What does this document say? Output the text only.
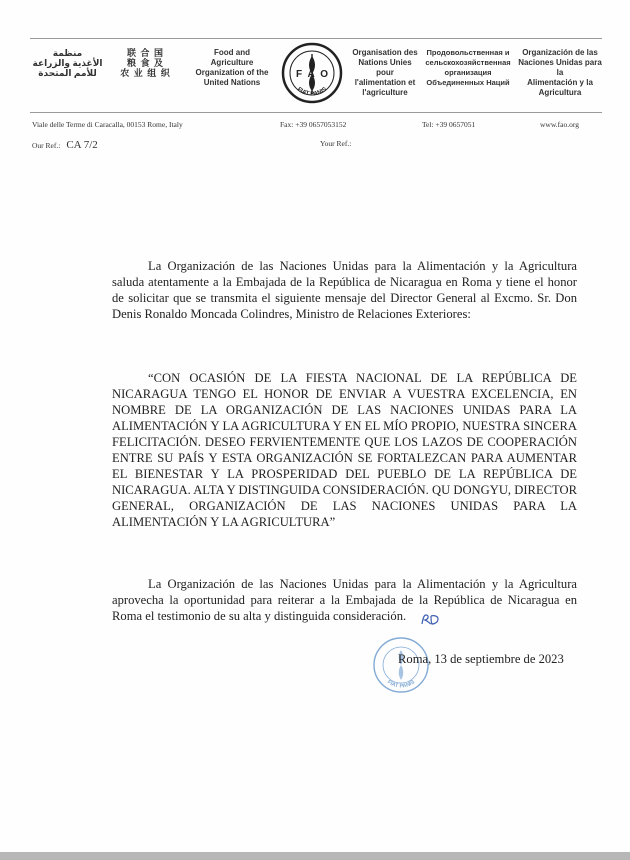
منظمة
الأغذية والزراعة
للأمم المتحدة
联 合 国
粮 食 及
农 业 组 织
Food and Agriculture
Organization of the
United Nations
F A O
FIAT PANIS
Organisation des
Nations Unies pour
l'alimentation et
l'agriculture
Продовольственная и
сельскохозяйственная
организация
Объединенных Наций
Organización de las
Naciones Unidas para la
Alimentación y la
Agricultura
Viale delle Terme di Caracalla, 00153 Rome, Italy	Fax: +39 0657053152	Tel: +39 0657051	www.fao.org
Our Ref.: CA 7/2	Your Ref.:
La Organización de las Naciones Unidas para la Alimentación y la Agricultura saluda atentamente a la Embajada de la República de Nicaragua en Roma y tiene el honor de solicitar que se transmita el siguiente mensaje del Director General al Excmo. Sr. Don Denis Ronaldo Moncada Colindres, Ministro de Relaciones Exteriores:
“CON OCASIÓN DE LA FIESTA NACIONAL DE LA REPÚBLICA DE NICARAGUA TENGO EL HONOR DE ENVIAR A VUESTRA EXCELENCIA, EN NOMBRE DE LA ORGANIZACIÓN DE LAS NACIONES UNIDAS PARA LA ALIMENTACIÓN Y LA AGRICULTURA Y EN EL MÍO PROPIO, NUESTRA SINCERA FELICITACIÓN. DESEO FERVIENTEMENTE QUE LOS LAZOS DE COOPERACIÓN ENTRE SU PAÍS Y ESTA ORGANIZACIÓN SE FORTALEZCAN PARA AUMENTAR EL BIENESTAR Y LA PROSPERIDAD DEL PUEBLO DE LA REPÚBLICA DE NICARAGUA. ALTA Y DISTINGUIDA CONSIDERACIÓN. QU DONGYU, DIRECTOR GENERAL, ORGANIZACIÓN DE LAS NACIONES UNIDAS PARA LA ALIMENTACIÓN Y LA AGRICULTURA”
La Organización de las Naciones Unidas para la Alimentación y la Agricultura aprovecha la oportunidad para reiterar a la Embajada de la República de Nicaragua en Roma el testimonio de su alta y distinguida consideración.
FIAT PANIS
Roma, 13 de septiembre de 2023
